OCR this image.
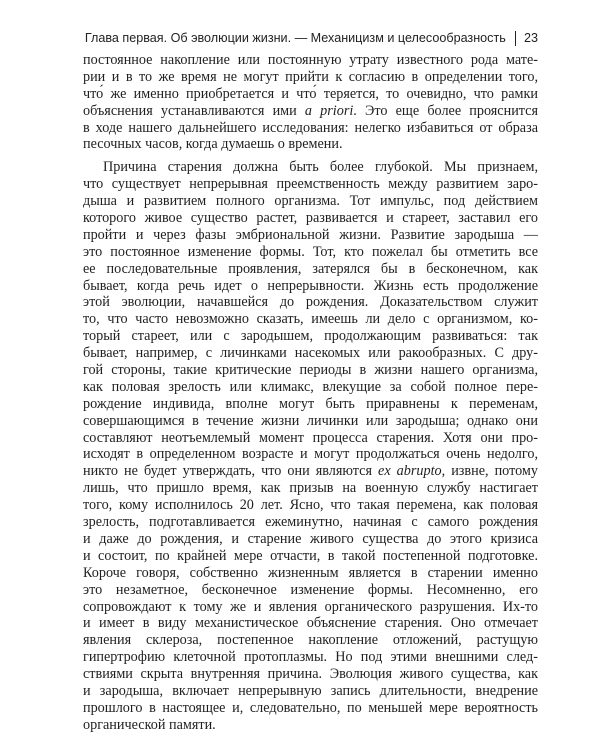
Глава первая. Об эволюции жизни. — Механицизм и целесообразность 23
постоянное накопление или постоянную утрату известного рода мате-
рии и в то же время не могут прийти к согласию в определении того,
что́ же именно приобретается и что́ теряется, то очевидно, что рамки
объяснения устанавливаются ими a priori. Это еще более прояснится
в ходе нашего дальнейшего исследования: нелегко избавиться от образа
песочных часов, когда думаешь о времени.
Причина старения должна быть более глубокой. Мы признаем,
что существует непрерывная преемственность между развитием заро-
дыша и развитием полного организма. Тот импульс, под действием
которого живое существо растет, развивается и стареет, заставил его
пройти и через фазы эмбриональной жизни. Развитие зародыша —
это постоянное изменение формы. Тот, кто пожелал бы отметить все
ее последовательные проявления, затерялся бы в бесконечном, как
бывает, когда речь идет о непрерывности. Жизнь есть продолжение
этой эволюции, начавшейся до рождения. Доказательством служит
то, что часто невозможно сказать, имеешь ли дело с организмом, ко-
торый стареет, или с зародышем, продолжающим развиваться: так
бывает, например, с личинками насекомых или ракообразных. С дру-
гой стороны, такие критические периоды в жизни нашего организма,
как половая зрелость или климакс, влекущие за собой полное пере-
рождение индивида, вполне могут быть приравнены к переменам,
совершающимся в течение жизни личинки или зародыша; однако они
составляют неотъемлемый момент процесса старения. Хотя они про-
исходят в определенном возрасте и могут продолжаться очень недолго,
никто не будет утверждать, что они являются ex abrupto, извне, потому
лишь, что пришло время, как призыв на военную службу настигает
того, кому исполнилось 20 лет. Ясно, что такая перемена, как половая
зрелость, подготавливается ежеминутно, начиная с самого рождения
и даже до рождения, и старение живого существа до этого кризиса
и состоит, по крайней мере отчасти, в такой постепенной подготовке.
Короче говоря, собственно жизненным является в старении именно
это незаметное, бесконечное изменение формы. Несомненно, его
сопровождают к тому же и явления органического разрушения. Их-то
и имеет в виду механистическое объяснение старения. Оно отмечает
явления склероза, постепенное накопление отложений, растущую
гипертрофию клеточной протоплазмы. Но под этими внешними след-
ствиями скрыта внутренняя причина. Эволюция живого существа, как
и зародыша, включает непрерывную запись длительности, внедрение
прошлого в настоящее и, следовательно, по меньшей мере вероятность
органической памяти.
